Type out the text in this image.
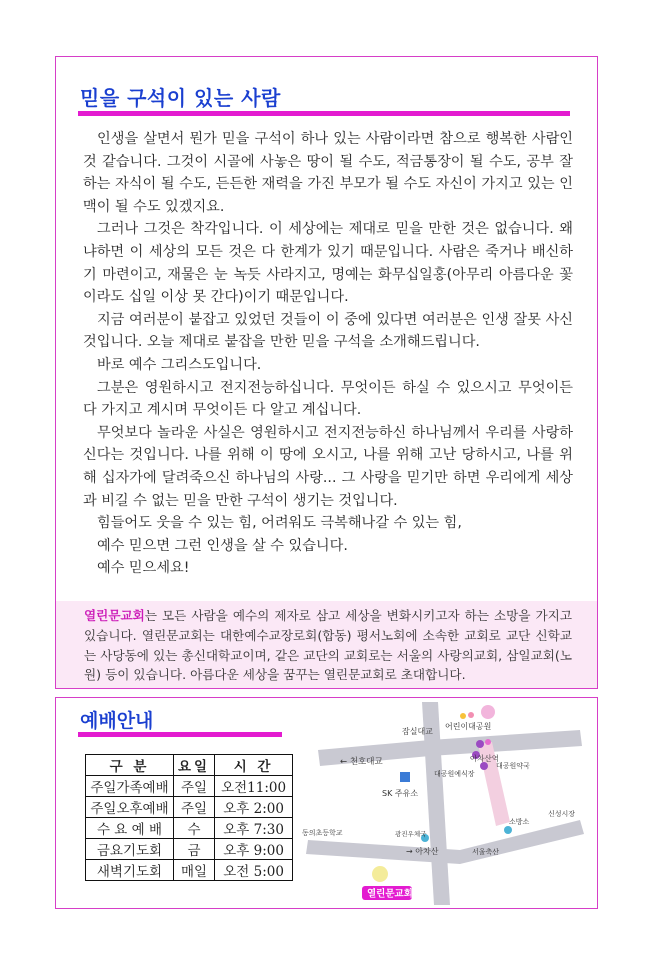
믿을 구석이 있는 사람

인생을 살면서 뭔가 믿을 구석이 하나 있는 사람이라면 참으로 행복한 사람인 것 같습니다. 그것이 시골에 사놓은 땅이 될 수도, 적금통장이 될 수도, 공부 잘하는 자식이 될 수도, 든든한 재력을 가진 부모가 될 수도 자신이 가지고 있는 인맥이 될 수도 있겠지요.

그러나 그것은 착각입니다. 이 세상에는 제대로 믿을 만한 것은 없습니다. 왜냐하면 이 세상의 모든 것은 다 한계가 있기 때문입니다. 사람은 죽거나 배신하기 마련이고, 재물은 눈 녹듯 사라지고, 명예는 화무십일홍(아무리 아름다운 꽃이라도 십일 이상 못 간다)이기 때문입니다.

지금 여러분이 붙잡고 있었던 것들이 이 중에 있다면 여러분은 인생 잘못 사신 것입니다. 오늘 제대로 붙잡을 만한 믿을 구석을 소개해드립니다.

바로 예수 그리스도입니다.

그분은 영원하시고 전지전능하십니다. 무엇이든 하실 수 있으시고 무엇이든 다 가지고 계시며 무엇이든 다 알고 계십니다.

무엇보다 놀라운 사실은 영원하시고 전지전능하신 하나님께서 우리를 사랑하신다는 것입니다. 나를 위해 이 땅에 오시고, 나를 위해 고난 당하시고, 나를 위해 십자가에 달려죽으신 하나님의 사랑... 그 사랑을 믿기만 하면 우리에게 세상과 비길 수 없는 믿을 만한 구석이 생기는 것입니다.

힘들어도 웃을 수 있는 힘, 어려워도 극복해나갈 수 있는 힘,

예수 믿으면 그런 인생을 살 수 있습니다.

예수 믿으세요!

열린문교회는 모든 사람을 예수의 제자로 삼고 세상을 변화시키고자 하는 소망을 가지고 있습니다. 열린문교회는 대한예수교장로회(합동) 평서노회에 소속한 교회로 교단 신학교는 사당동에 있는 총신대학교이며, 같은 교단의 교회로는 서울의 사랑의교회, 삼일교회(노원) 등이 있습니다. 아름다운 세상을 꿈꾸는 열린문교회로 초대합니다.
예배안내
구 분	요일	시 간
주일가족예배	주일	오전11:00
주일오후예배	주일	오후 2:00
수 요 예 배	수	오후 7:30
금요기도회	금	오후 9:00
새벽기도회	매일	오전 5:00
잠실대교
어린이대공원
아차산역
← 천호대교
대공원예식장
대공원약국
SK 주유소
소방소
신성시장
동의초등학교	광진우체국
→ 아차산	서울축산
열린문교회
